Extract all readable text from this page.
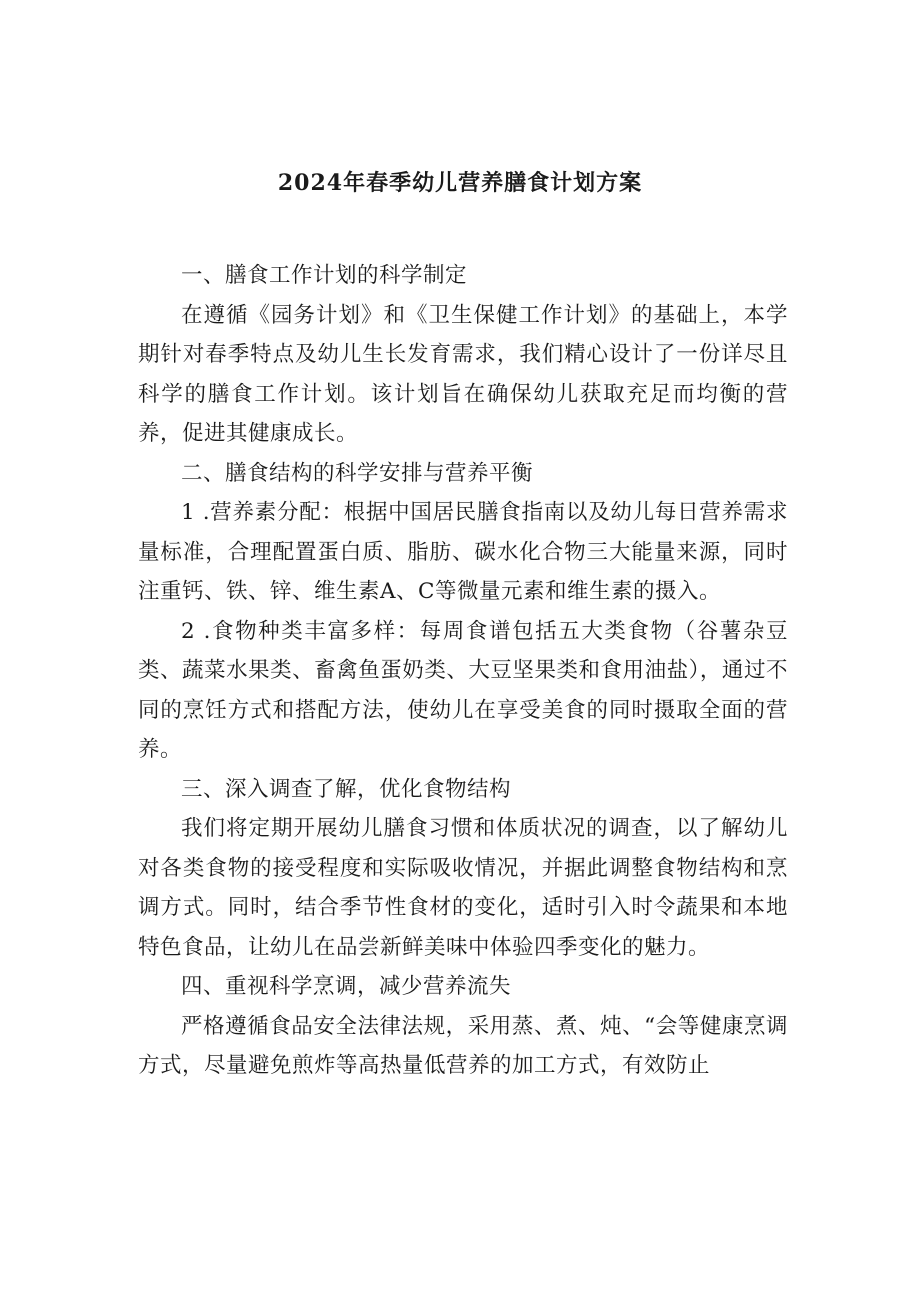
2024年春季幼儿营养膳食计划方案

一、膳食工作计划的科学制定

在遵循《园务计划》和《卫生保健工作计划》的基础上，本学期针对春季特点及幼儿生长发育需求，我们精心设计了一份详尽且科学的膳食工作计划。该计划旨在确保幼儿获取充足而均衡的营养，促进其健康成长。

二、膳食结构的科学安排与营养平衡

1 .营养素分配：根据中国居民膳食指南以及幼儿每日营养需求量标准，合理配置蛋白质、脂肪、碳水化合物三大能量来源，同时注重钙、铁、锌、维生素A、C等微量元素和维生素的摄入。

2 .食物种类丰富多样：每周食谱包括五大类食物（谷薯杂豆类、蔬菜水果类、畜禽鱼蛋奶类、大豆坚果类和食用油盐），通过不同的烹饪方式和搭配方法，使幼儿在享受美食的同时摄取全面的营养。

三、深入调查了解，优化食物结构

我们将定期开展幼儿膳食习惯和体质状况的调查，以了解幼儿对各类食物的接受程度和实际吸收情况，并据此调整食物结构和烹调方式。同时，结合季节性食材的变化，适时引入时令蔬果和本地特色食品，让幼儿在品尝新鲜美味中体验四季变化的魅力。

四、重视科学烹调，减少营养流失

严格遵循食品安全法律法规，采用蒸、煮、炖、“会等健康烹调方式，尽量避免煎炸等高热量低营养的加工方式，有效防止
